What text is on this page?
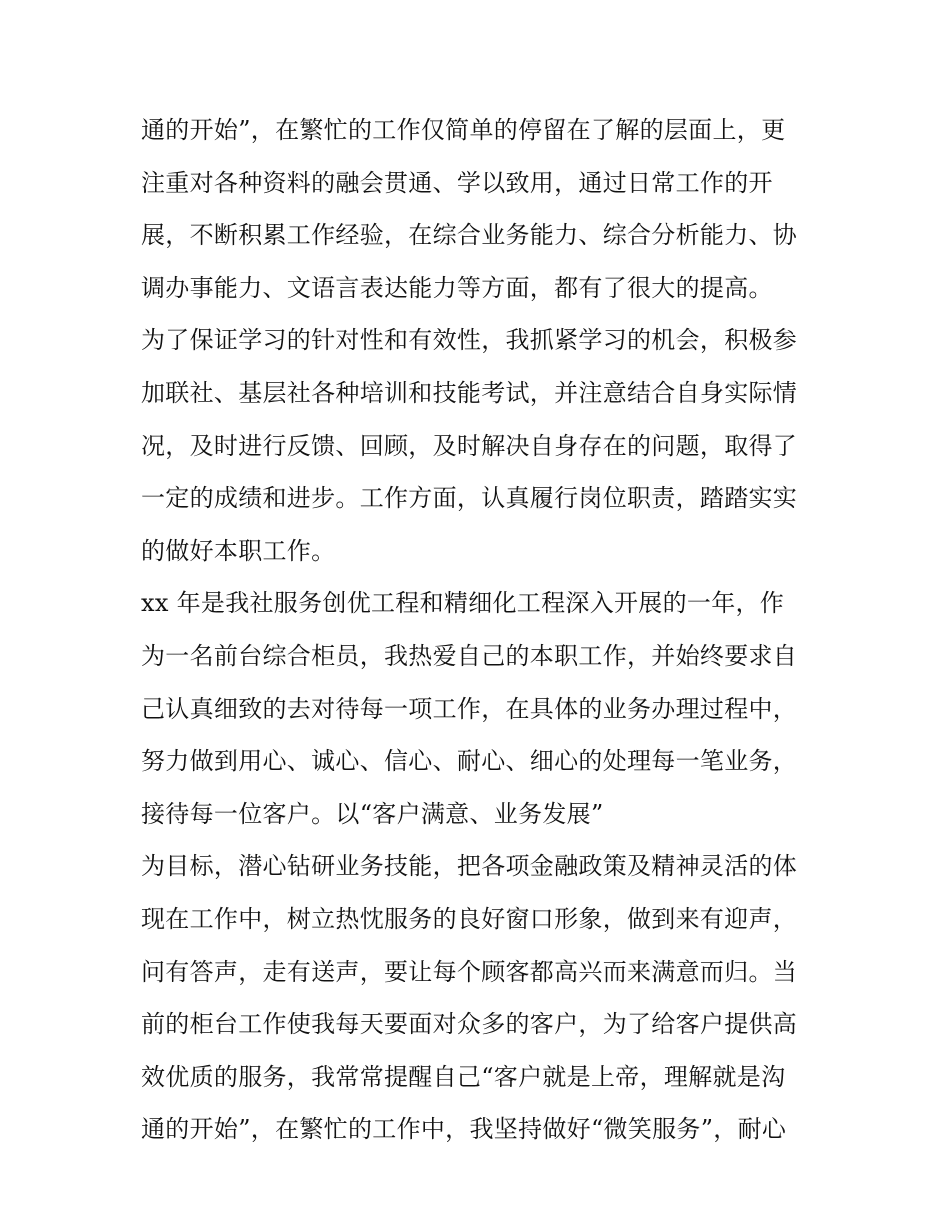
通的开始”，在繁忙的工作仅简单的停留在了解的层面上，更
注重对各种资料的融会贯通、学以致用，通过日常工作的开
展，不断积累工作经验，在综合业务能力、综合分析能力、协
调办事能力、文语言表达能力等方面，都有了很大的提高。
为了保证学习的针对性和有效性，我抓紧学习的机会，积极参
加联社、基层社各种培训和技能考试，并注意结合自身实际情
况，及时进行反馈、回顾，及时解决自身存在的问题，取得了
一定的成绩和进步。工作方面，认真履行岗位职责，踏踏实实
的做好本职工作。
xx 年是我社服务创优工程和精细化工程深入开展的一年，作
为一名前台综合柜员，我热爱自己的本职工作，并始终要求自
己认真细致的去对待每一项工作，在具体的业务办理过程中，
努力做到用心、诚心、信心、耐心、细心的处理每一笔业务，
接待每一位客户。以“客户满意、业务发展”
为目标，潜心钻研业务技能，把各项金融政策及精神灵活的体
现在工作中，树立热忱服务的良好窗口形象，做到来有迎声，
问有答声，走有送声，要让每个顾客都高兴而来满意而归。当
前的柜台工作使我每天要面对众多的客户，为了给客户提供高
效优质的服务，我常常提醒自己“客户就是上帝，理解就是沟
通的开始”，在繁忙的工作中，我坚持做好“微笑服务”，耐心
